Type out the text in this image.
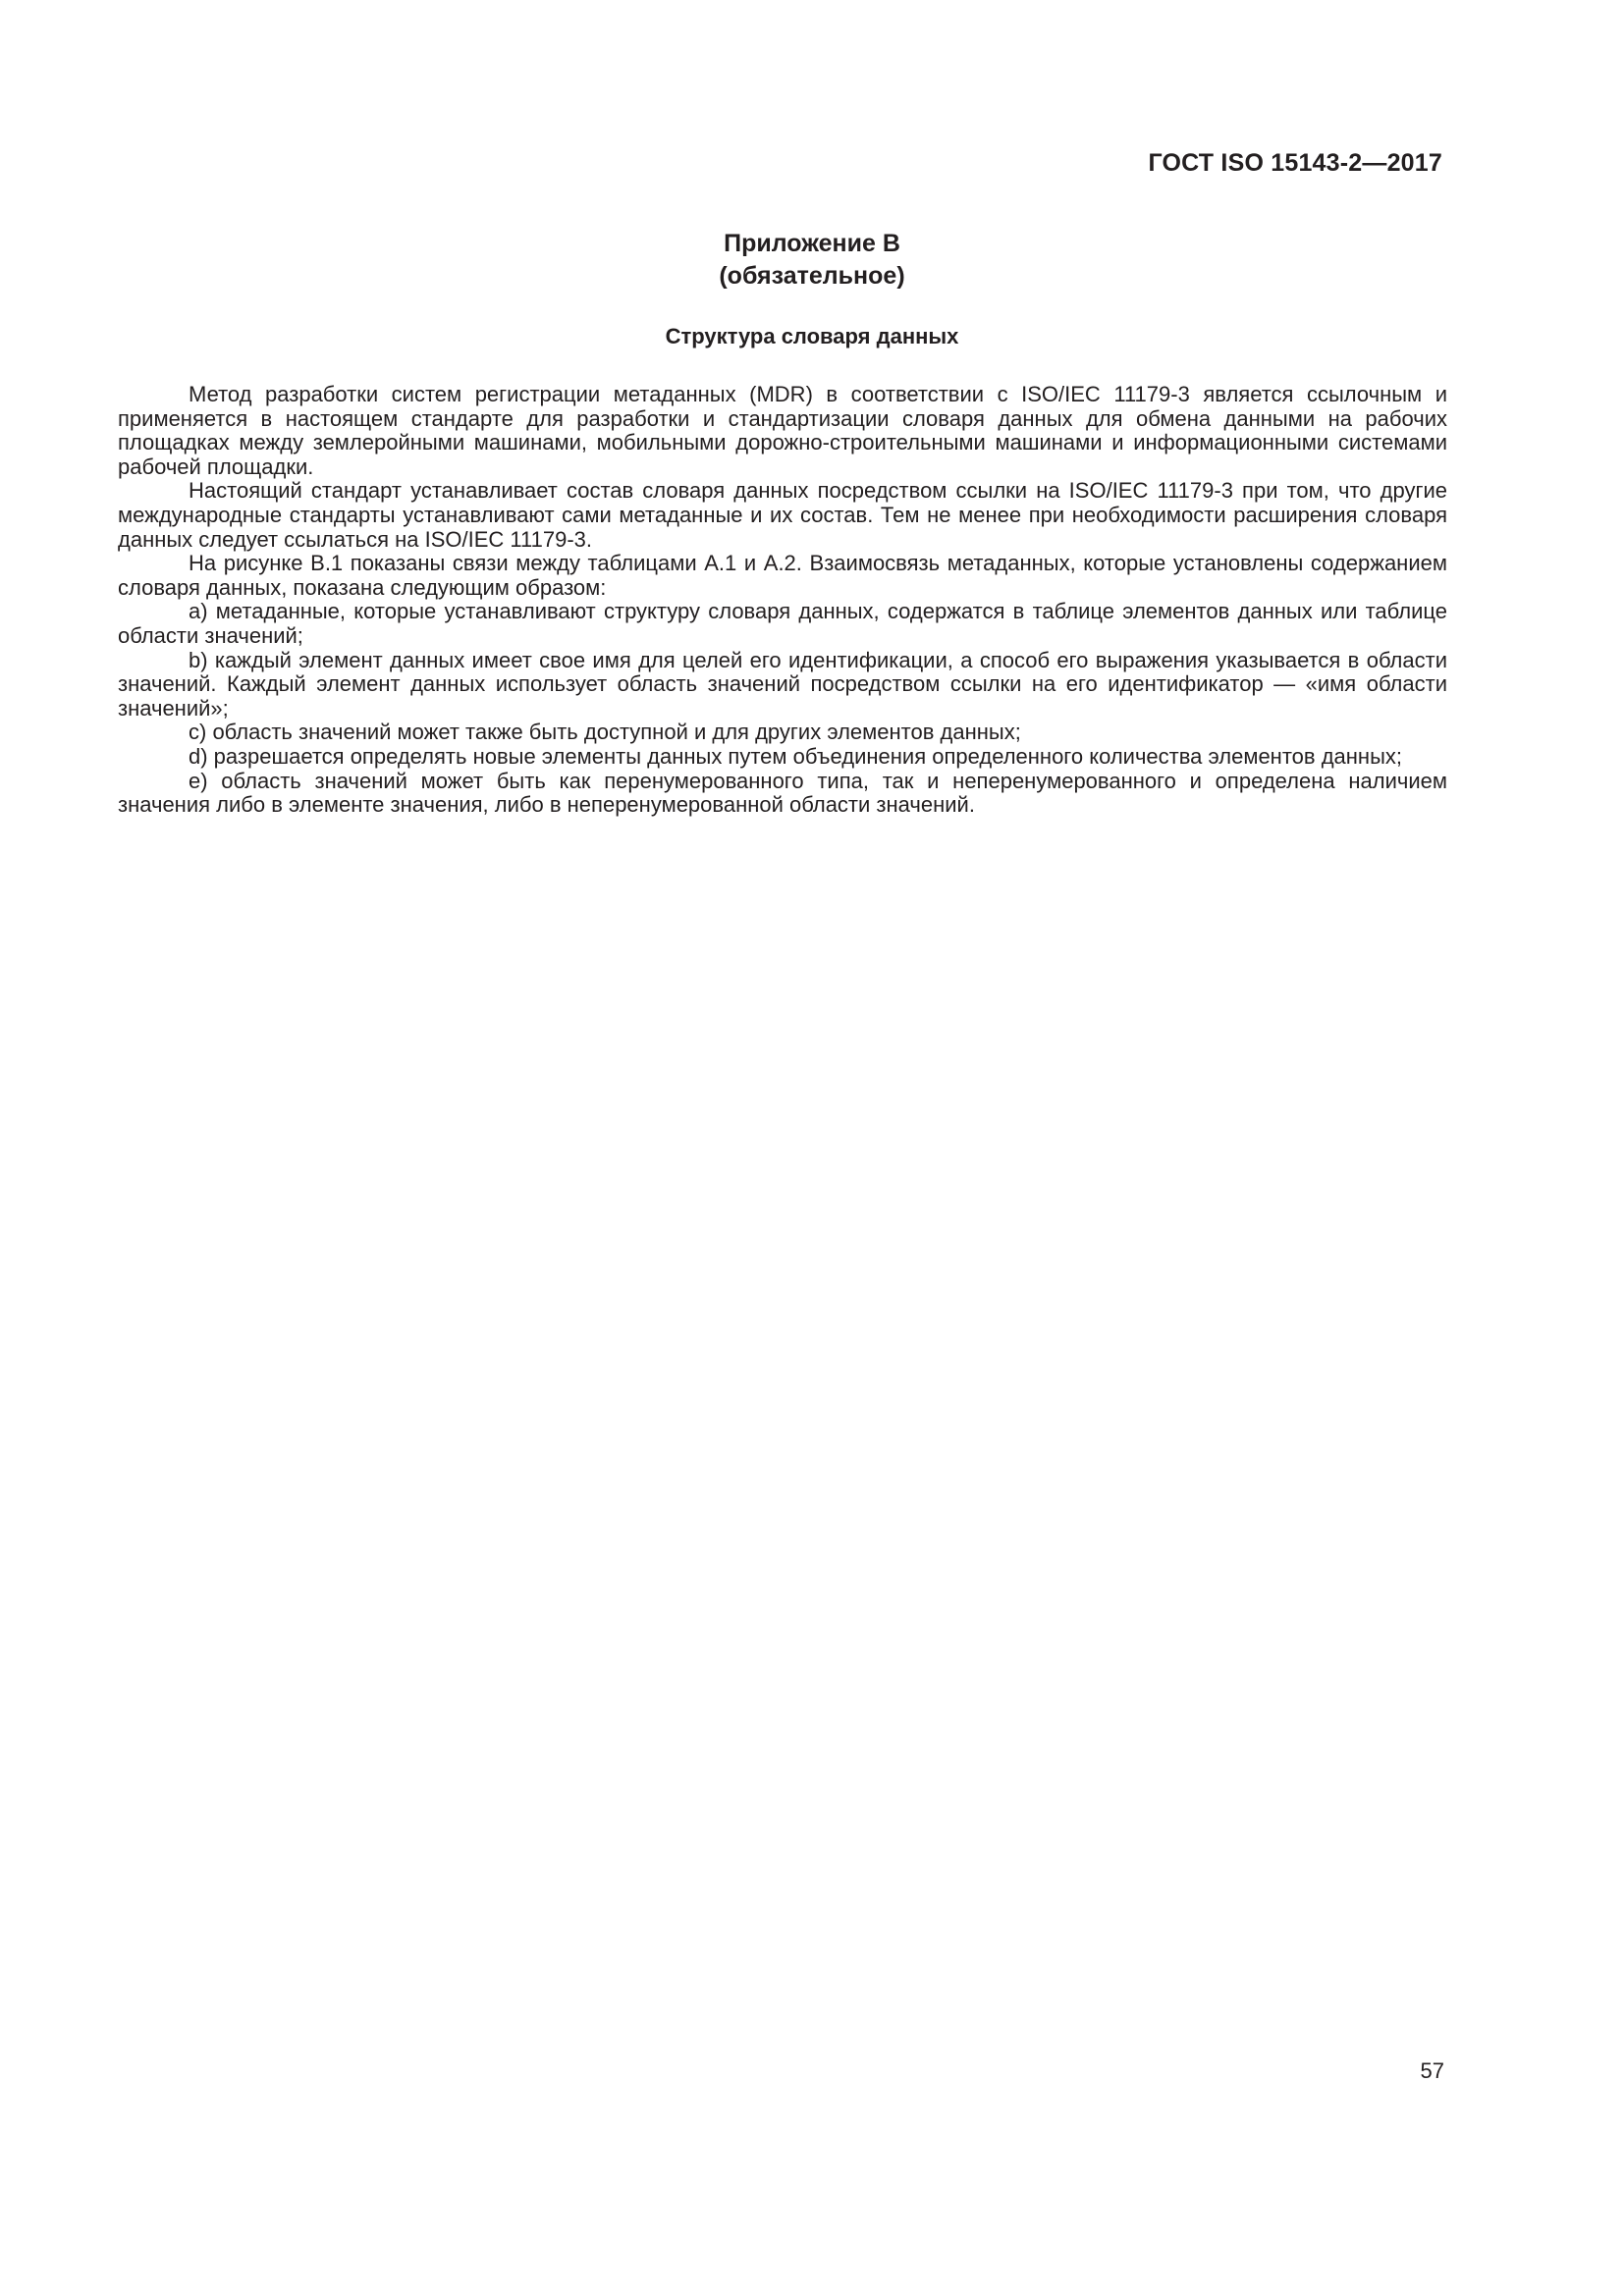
ГОСТ ISO 15143-2—2017
Приложение В
(обязательное)
Структура словаря данных

Метод разработки систем регистрации метаданных (MDR) в соответствии с ISO/IEC 11179-3 является ссылочным и применяется в настоящем стандарте для разработки и стандартизации словаря данных для обмена данными на рабочих площадках между землеройными машинами, мобильными дорожно-строительными машинами и информационными системами рабочей площадки.

Настоящий стандарт устанавливает состав словаря данных посредством ссылки на ISO/IEC 11179-3 при том, что другие международные стандарты устанавливают сами метаданные и их состав. Тем не менее при необходимости расширения словаря данных следует ссылаться на ISO/IEC 11179-3.

На рисунке В.1 показаны связи между таблицами А.1 и А.2. Взаимосвязь метаданных, которые установлены содержанием словаря данных, показана следующим образом:

a) метаданные, которые устанавливают структуру словаря данных, содержатся в таблице элементов данных или таблице области значений;

b) каждый элемент данных имеет свое имя для целей его идентификации, а способ его выражения указывается в области значений. Каждый элемент данных использует область значений посредством ссылки на его идентификатор — «имя области значений»;

c) область значений может также быть доступной и для других элементов данных;

d) разрешается определять новые элементы данных путем объединения определенного количества элементов данных;

e) область значений может быть как перенумерованного типа, так и неперенумерованного и определена наличием значения либо в элементе значения, либо в неперенумерованной области значений.

57
